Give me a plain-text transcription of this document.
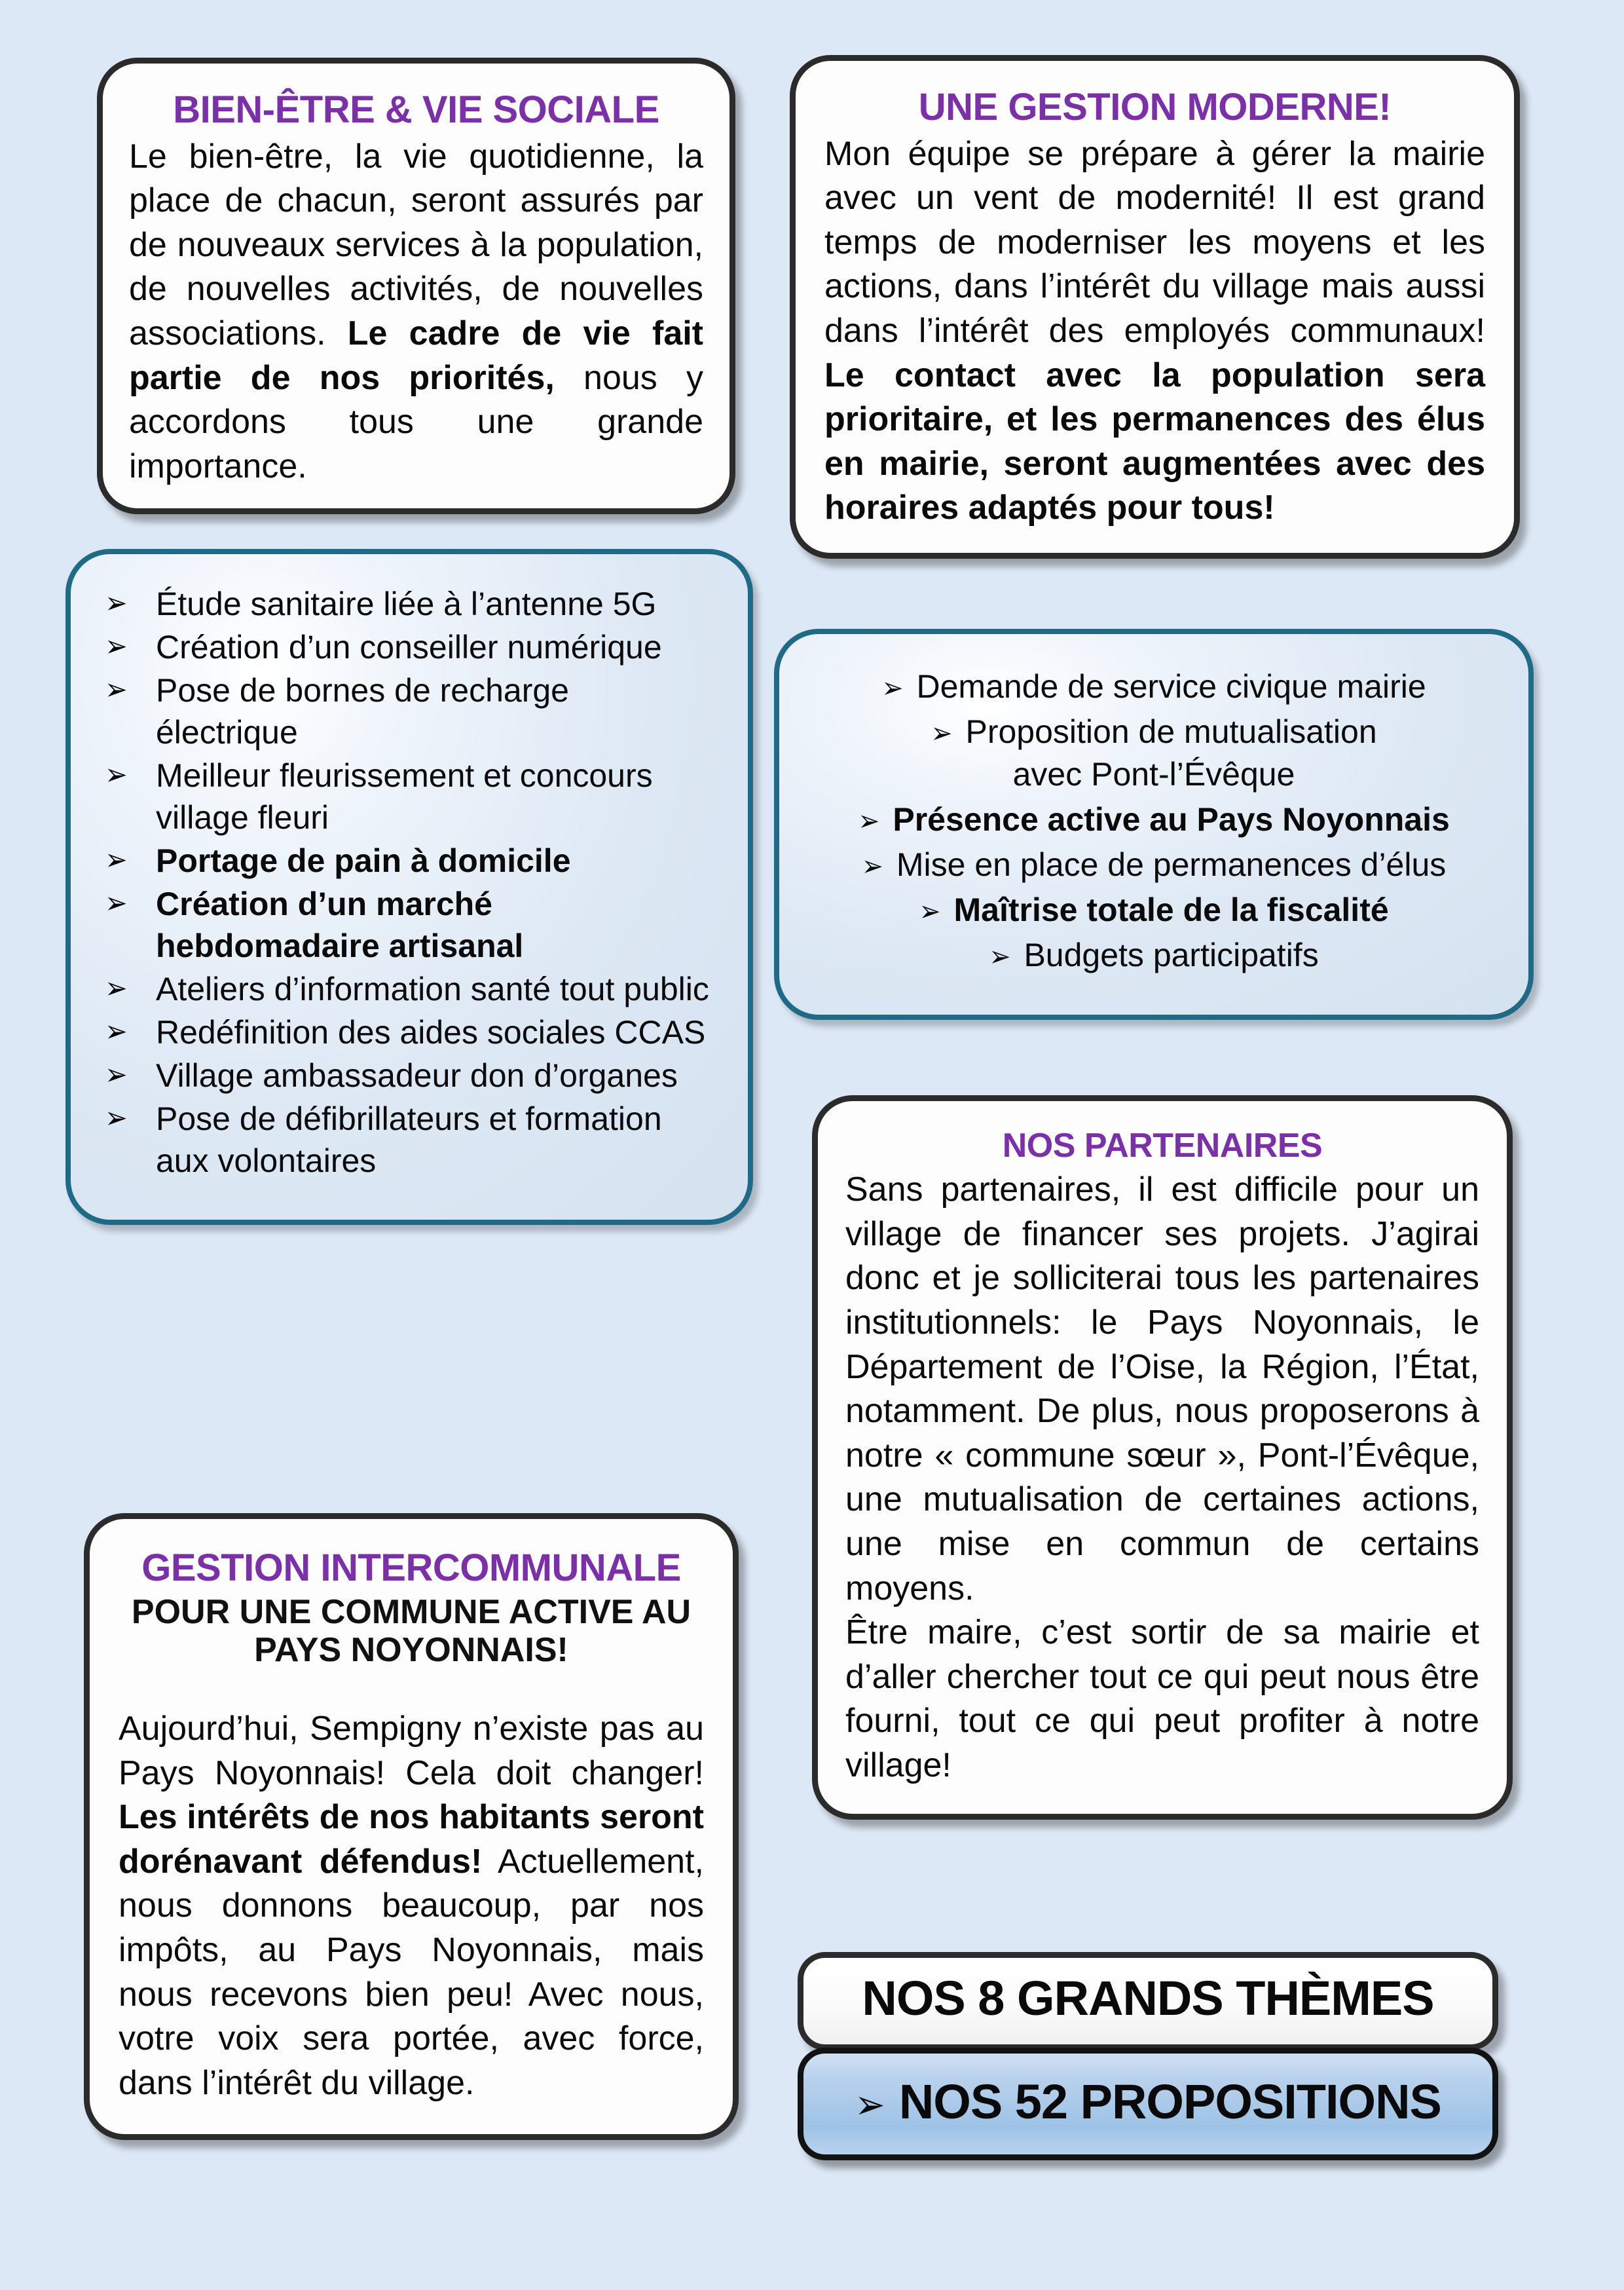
BIEN-ÊTRE & VIE SOCIALE

Le bien-être, la vie quotidienne, la place de chacun, seront assurés par de nouveaux services à la population, de nouvelles activités, de nouvelles associations. Le cadre de vie fait partie de nos priorités, nous y accordons tous une grande importance.

➢ Étude sanitaire liée à l’antenne 5G
➢ Création d’un conseiller numérique
➢ Pose de bornes de recharge électrique
➢ Meilleur fleurissement et concours village fleuri
➢ Portage de pain à domicile
➢ Création d’un marché hebdomadaire artisanal
➢ Ateliers d’information santé tout public
➢ Redéfinition des aides sociales CCAS
➢ Village ambassadeur don d’organes
➢ Pose de défibrillateurs et formation aux volontaires
GESTION INTERCOMMUNALE
POUR UNE COMMUNE ACTIVE AU PAYS NOYONNAIS!

Aujourd’hui, Sempigny n’existe pas au Pays Noyonnais! Cela doit changer! Les intérêts de nos habitants seront dorénavant défendus! Actuellement, nous donnons beaucoup, par nos impôts, au Pays Noyonnais, mais nous recevons bien peu! Avec nous, votre voix sera portée, avec force, dans l’intérêt du village.

UNE GESTION MODERNE!

Mon équipe se prépare à gérer la mairie avec un vent de modernité! Il est grand temps de moderniser les moyens et les actions, dans l’intérêt du village mais aussi dans l’intérêt des employés communaux! Le contact avec la population sera prioritaire, et les permanences des élus en mairie, seront augmentées avec des horaires adaptés pour tous!

➢ Demande de service civique mairie
➢ Proposition de mutualisation
avec Pont-l’Évêque
➢ Présence active au Pays Noyonnais
➢ Mise en place de permanences d’élus
➢ Maîtrise totale de la fiscalité
➢ Budgets participatifs
NOS PARTENAIRES

Sans partenaires, il est difficile pour un village de financer ses projets. J’agirai donc et je solliciterai tous les partenaires institutionnels: le Pays Noyonnais, le Département de l’Oise, la Région, l’État, notamment. De plus, nous proposerons à notre « commune sœur », Pont-l’Évêque, une mutualisation de certaines actions, une mise en commun de certains moyens.

Être maire, c’est sortir de sa mairie et d’aller chercher tout ce qui peut nous être fourni, tout ce qui peut profiter à notre village!

NOS 8 GRANDS THÈMES
➢ NOS 52 PROPOSITIONS
